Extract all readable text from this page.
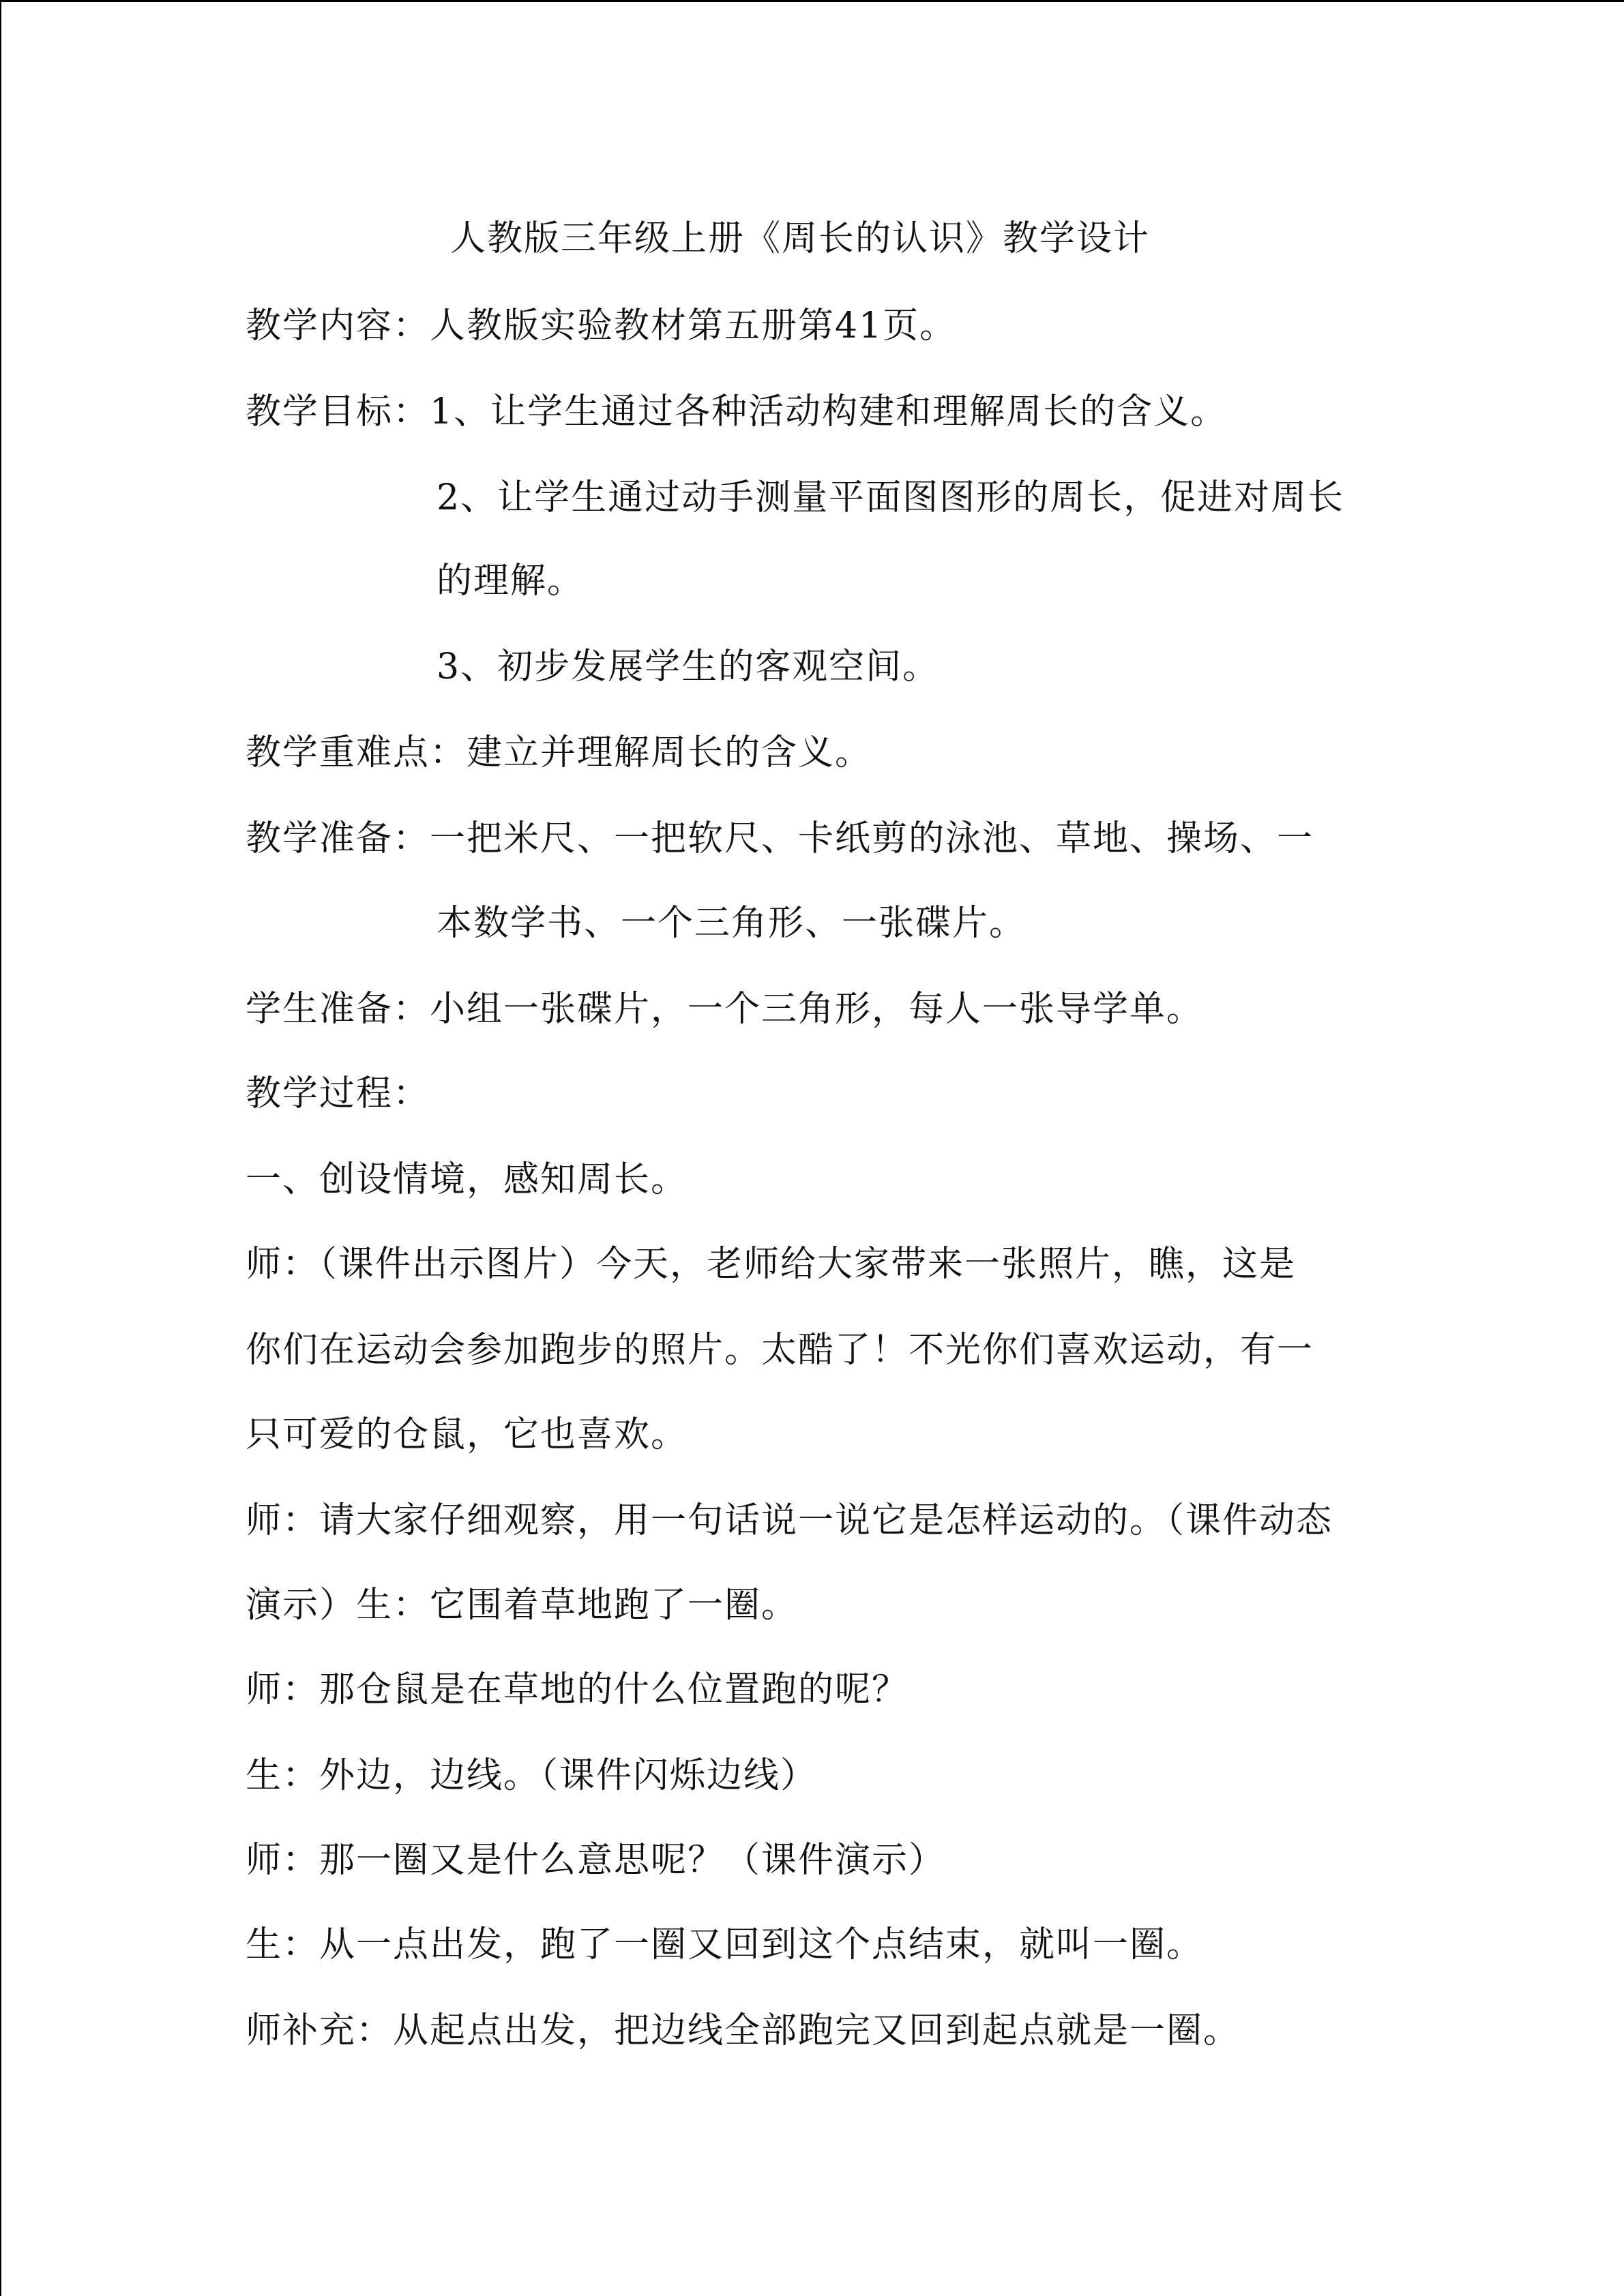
人教版三年级上册《周长的认识》教学设计
教学内容：人教版实验教材第五册第41页。
教学目标：1、让学生通过各种活动构建和理解周长的含义。
2、让学生通过动手测量平面图图形的周长，促进对周长
的理解。
3、初步发展学生的客观空间。
教学重难点：建立并理解周长的含义。
教学准备：一把米尺、一把软尺、卡纸剪的泳池、草地、操场、一
本数学书、一个三角形、一张碟片。
学生准备：小组一张碟片，一个三角形，每人一张导学单。
教学过程：
一、创设情境，感知周长。
师：（课件出示图片）今天，老师给大家带来一张照片，瞧，这是
你们在运动会参加跑步的照片。太酷了！不光你们喜欢运动，有一
只可爱的仓鼠，它也喜欢。
师：请大家仔细观察，用一句话说一说它是怎样运动的。（课件动态
演示）生：它围着草地跑了一圈。
师：那仓鼠是在草地的什么位置跑的呢？
生：外边，边线。（课件闪烁边线）
师：那一圈又是什么意思呢？（课件演示）
生：从一点出发，跑了一圈又回到这个点结束，就叫一圈。
师补充：从起点出发，把边线全部跑完又回到起点就是一圈。
